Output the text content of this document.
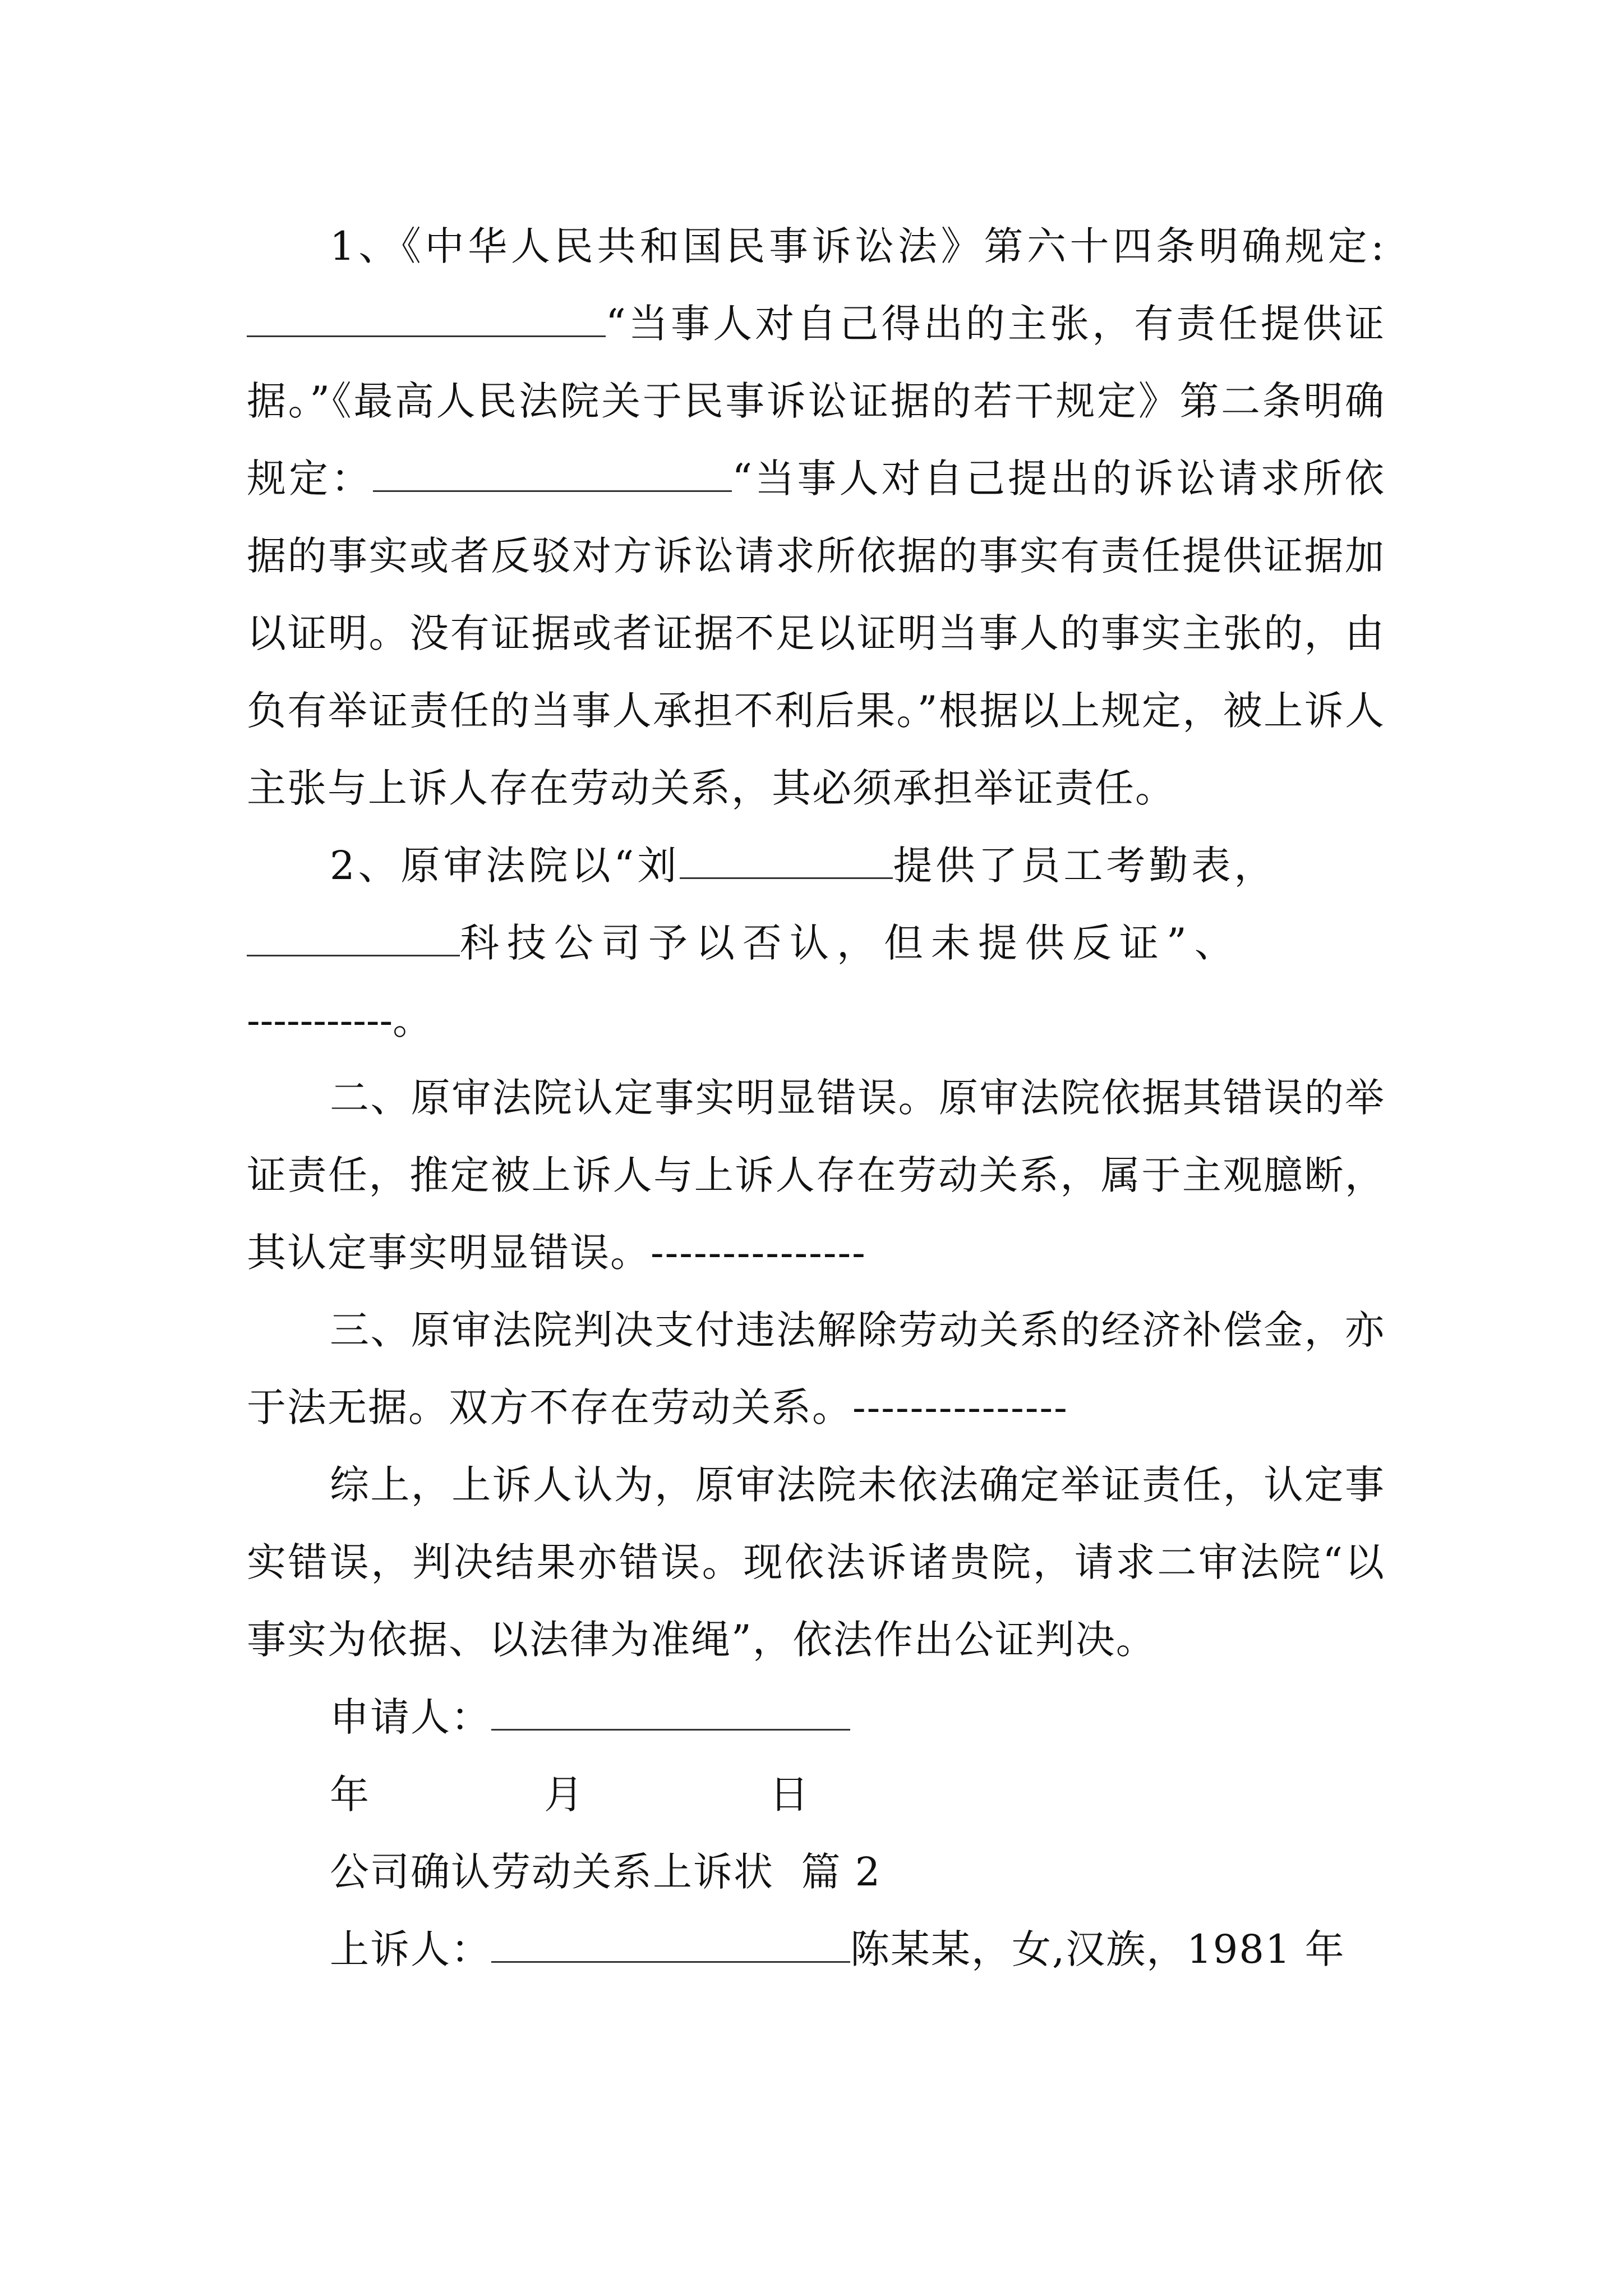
1、《中华人民共和国民事诉讼法》第六十四条明确规定:“当事人对自己得出的主张，有责任提供证据。”《最高人民法院关于民事诉讼证据的若干规定》第二条明确规定：	“当事人对自己提出的诉讼请求所依据的事实或者反驳对方诉讼请求所依据的事实有责任提供证据加以证明。没有证据或者证据不足以证明当事人的事实主张的，由负有举证责任的当事人承担不利后果。”根据以上规定，被上诉人主张与上诉人存在劳动关系，其必须承担举证责任。

2、原审法院以“刘	提供了员工考勤表，
科技公司予以否认，但未提供反证”、
-----------。

二、原审法院认定事实明显错误。原审法院依据其错误的举证责任，推定被上诉人与上诉人存在劳动关系，属于主观臆断，其认定事实明显错误。---------------

三、原审法院判决支付违法解除劳动关系的经济补偿金，亦于法无据。双方不存在劳动关系。---------------

综上，上诉人认为，原审法院未依法确定举证责任，认定事实错误，判决结果亦错误。现依法诉诸贵院，请求二审法院“以事实为依据、以法律为准绳”，依法作出公证判决。

申请人：

年	月	日

公司确认劳动关系上诉状  篇 2

上诉人：	陈某某，女,汉族，1981 年
